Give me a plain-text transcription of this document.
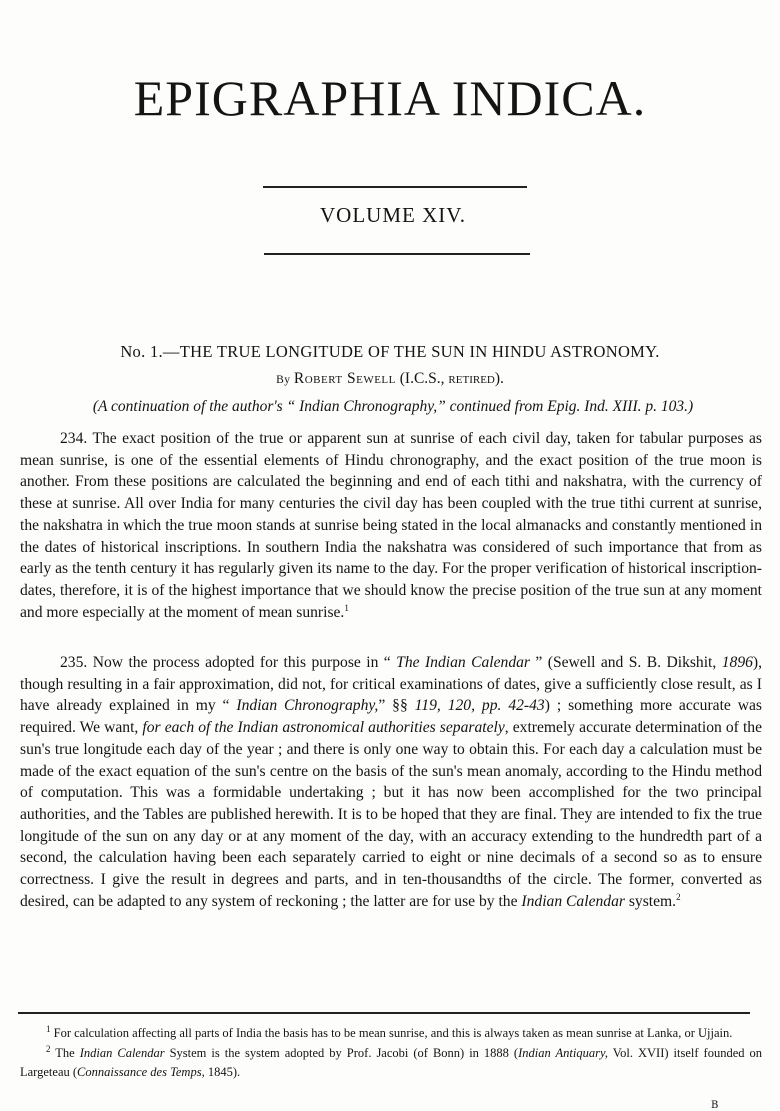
EPIGRAPHIA INDICA.
VOLUME XIV.
No. 1.—THE TRUE LONGITUDE OF THE SUN IN HINDU ASTRONOMY.
By Robert Sewell (I.C.S., retired).
(A continuation of the author's “ Indian Chronography,” continued from Epig. Ind. XIII. p. 103.)

234. The exact position of the true or apparent sun at sunrise of each civil day, taken for tabular purposes as mean sunrise, is one of the essential elements of Hindu chronography, and the exact position of the true moon is another. From these positions are calculated the beginning and end of each tithi and nakshatra, with the currency of these at sunrise. All over India for many centuries the civil day has been coupled with the true tithi current at sunrise, the nakshatra in which the true moon stands at sunrise being stated in the local almanacks and constantly mentioned in the dates of historical inscriptions. In southern India the nakshatra was considered of such importance that from as early as the tenth century it has regularly given its name to the day. For the proper verification of historical inscription-dates, therefore, it is of the highest importance that we should know the precise position of the true sun at any moment and more especially at the moment of mean sunrise.$^1$

235. Now the process adopted for this purpose in “ The Indian Calendar ” (Sewell and S. B. Dikshit, 1896), though resulting in a fair approximation, did not, for critical examinations of dates, give a sufficiently close result, as I have already explained in my “ Indian Chronography,” §§ 119, 120, pp. 42-43) ; something more accurate was required. We want, for each of the Indian astronomical authorities separately, extremely accurate determination of the sun's true longitude each day of the year ; and there is only one way to obtain this. For each day a calculation must be made of the exact equation of the sun's centre on the basis of the sun's mean anomaly, according to the Hindu method of computation. This was a formidable undertaking ; but it has now been accomplished for the two principal authorities, and the Tables are published herewith. It is to be hoped that they are final. They are intended to fix the true longitude of the sun on any day or at any moment of the day, with an accuracy extending to the hundredth part of a second, the calculation having been each separately carried to eight or nine decimals of a second so as to ensure correctness. I give the result in degrees and parts, and in ten-thousandths of the circle. The former, converted as desired, can be adapted to any system of reckoning ; the latter are for use by the Indian Calendar system.$^2$

$^1$ For calculation affecting all parts of India the basis has to be mean sunrise, and this is always taken as mean sunrise at Lanka, or Ujjain.

$^2$ The Indian Calendar System is the system adopted by Prof. Jacobi (of Bonn) in 1888 (Indian Antiquary, Vol. XVII) itself founded on Largeteau (Connaissance des Temps, 1845).

B
